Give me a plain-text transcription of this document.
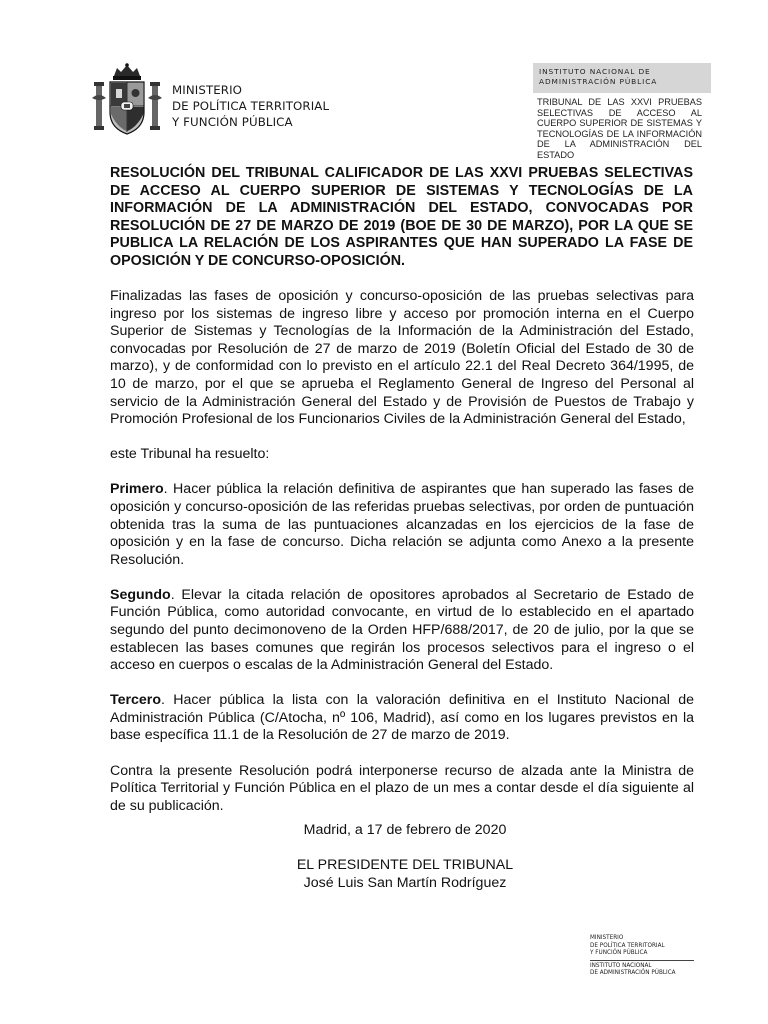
MINISTERIO
DE POLÍTICA TERRITORIAL
Y FUNCIÓN PÚBLICA
INSTITUTO NACIONAL DE
ADMINISTRACIÓN PÚBLICA
TRIBUNAL DE LAS XXVI PRUEBAS SELECTIVAS DE ACCESO AL CUERPO SUPERIOR DE SISTEMAS Y TECNOLOGÍAS DE LA INFORMACIÓN DE LA ADMINISTRACIÓN DEL ESTADO

RESOLUCIÓN DEL TRIBUNAL CALIFICADOR DE LAS XXVI PRUEBAS SELECTIVAS DE ACCESO AL CUERPO SUPERIOR DE SISTEMAS Y TECNOLOGÍAS DE LA INFORMACIÓN DE LA ADMINISTRACIÓN DEL ESTADO, CONVOCADAS POR RESOLUCIÓN DE 27 DE MARZO DE 2019 (BOE DE 30 DE MARZO), POR LA QUE SE PUBLICA LA RELACIÓN DE LOS ASPIRANTES QUE HAN SUPERADO LA FASE DE OPOSICIÓN Y DE CONCURSO-OPOSICIÓN.

Finalizadas las fases de oposición y concurso-oposición de las pruebas selectivas para ingreso por los sistemas de ingreso libre y acceso por promoción interna en el Cuerpo Superior de Sistemas y Tecnologías de la Información de la Administración del Estado, convocadas por Resolución de 27 de marzo de 2019 (Boletín Oficial del Estado de 30 de marzo), y de conformidad con lo previsto en el artículo 22.1 del Real Decreto 364/1995, de 10 de marzo, por el que se aprueba el Reglamento General de Ingreso del Personal al servicio de la Administración General del Estado y de Provisión de Puestos de Trabajo y Promoción Profesional de los Funcionarios Civiles de la Administración General del Estado,

este Tribunal ha resuelto:

Primero. Hacer pública la relación definitiva de aspirantes que han superado las fases de oposición y concurso-oposición de las referidas pruebas selectivas, por orden de puntuación obtenida tras la suma de las puntuaciones alcanzadas en los ejercicios de la fase de oposición y en la fase de concurso. Dicha relación se adjunta como Anexo a la presente Resolución.

Segundo. Elevar la citada relación de opositores aprobados al Secretario de Estado de Función Pública, como autoridad convocante, en virtud de lo establecido en el apartado segundo del punto decimonoveno de la Orden HFP/688/2017, de 20 de julio, por la que se establecen las bases comunes que regirán los procesos selectivos para el ingreso o el acceso en cuerpos o escalas de la Administración General del Estado.

Tercero. Hacer pública la lista con la valoración definitiva en el Instituto Nacional de Administración Pública (C/Atocha, nº 106, Madrid), así como en los lugares previstos en la base específica 11.1 de la Resolución de 27 de marzo de 2019.

Contra la presente Resolución podrá interponerse recurso de alzada ante la Ministra de Política Territorial y Función Pública en el plazo de un mes a contar desde el día siguiente al de su publicación.

Madrid, a 17 de febrero de 2020
EL PRESIDENTE DEL TRIBUNAL
José Luis San Martín Rodríguez
MINISTERIO
DE POLÍTICA TERRITORIAL
Y FUNCIÓN PÚBLICA
INSTITUTO NACIONAL
DE ADMINISTRACIÓN PÚBLICA
